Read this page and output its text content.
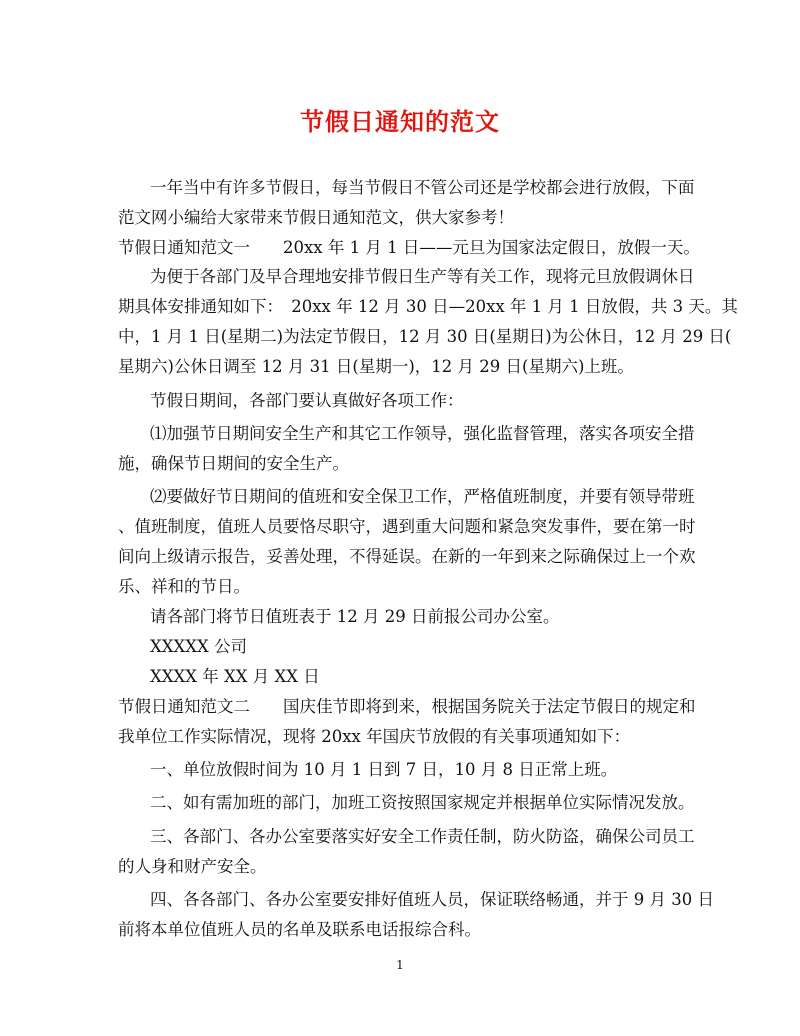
节假日通知的范文
一年当中有许多节假日，每当节假日不管公司还是学校都会进行放假，下面
范文网小编给大家带来节假日通知范文，供大家参考！
节假日通知范文一　　20xx 年 1 月 1 日——元旦为国家法定假日，放假一天。
为便于各部门及早合理地安排节假日生产等有关工作，现将元旦放假调休日
期具体安排通知如下：　20xx 年 12 月 30 日—20xx 年 1 月 1 日放假，共 3 天。其
中，1 月 1 日(星期二)为法定节假日，12 月 30 日(星期日)为公休日，12 月 29 日(
星期六)公休日调至 12 月 31 日(星期一)，12 月 29 日(星期六)上班。
节假日期间，各部门要认真做好各项工作：
⑴加强节日期间安全生产和其它工作领导，强化监督管理，落实各项安全措
施，确保节日期间的安全生产。
⑵要做好节日期间的值班和安全保卫工作，严格值班制度，并要有领导带班
、值班制度，值班人员要恪尽职守，遇到重大问题和紧急突发事件，要在第一时
间向上级请示报告，妥善处理，不得延误。在新的一年到来之际确保过上一个欢
乐、祥和的节日。
请各部门将节日值班表于 12 月 29 日前报公司办公室。
XXXXX 公司
XXXX 年 XX 月 XX 日
节假日通知范文二　　国庆佳节即将到来，根据国务院关于法定节假日的规定和
我单位工作实际情况，现将 20xx 年国庆节放假的有关事项通知如下：
一、单位放假时间为 10 月 1 日到 7 日，10 月 8 日正常上班。
二、如有需加班的部门，加班工资按照国家规定并根据单位实际情况发放。
三、各部门、各办公室要落实好安全工作责任制，防火防盗，确保公司员工
的人身和财产安全。
四、各各部门、各办公室要安排好值班人员，保证联络畅通，并于 9 月 30 日
前将本单位值班人员的名单及联系电话报综合科。
1
